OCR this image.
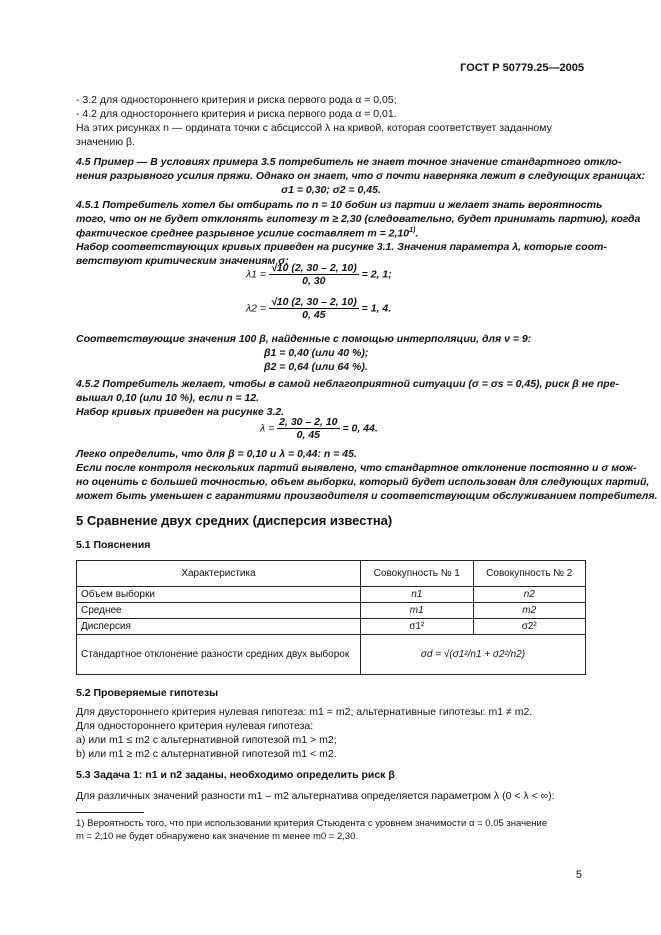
ГОСТ Р 50779.25—2005
- 3.2 для одностороннего критерия и риска первого рода α = 0,05;
- 4.2 для одностороннего критерия и риска первого рода α = 0,01.
На этих рисунках n — ордината точки с абсциссой λ на кривой, которая соответствует заданному
значению β.
4.5 Пример — В условиях примера 3.5 потребитель не знает точное значение стандартного откло-
нения разрывного усилия пряжи. Однако он знает, что σ почти наверняка лежит в следующих границах:
σ1 = 0,30; σ2 = 0,45.
4.5.1 Потребитель хотел бы отбирать по n = 10 бобин из партии и желает знать вероятность
того, что он не будет отклонять гипотезу m ≥ 2,30 (следовательно, будет принимать партию), когда
фактическое среднее разрывное усилие составляет $m = 2,10^{1)}$.
Набор соответствующих кривых приведен на рисунке 3.1. Значения параметра λ, которые соот-
ветствуют критическим значениям σ:
$\lambda 1 = \frac{√10 (2, 30 - 2, 10)}{0, 30} = 2$, 1;
$\lambda 2 = \frac{√10 (2, 30 - 2, 10)}{0, 45} = 1$, 4.
Соответствующие значения 100 β, найденные с помощью интерполяции, для ν = 9:
β1 = 0,40 (или 40 %);
β2 = 0,64 (или 64 %).
4.5.2 Потребитель желает, чтобы в самой неблагоприятной ситуации (σ = σs = 0,45), риск β не пре-
вышал 0,10 (или 10 %), если n = 12.
Набор кривых приведен на рисунке 3.2.
$\lambda = \frac{2, 30 - 2, 10}{0, 45} = 0$, 44.
Легко определить, что для β = 0,10 и λ = 0,44: n = 45.
Если после контроля нескольких партий выявлено, что стандартное отклонение постоянно и σ мож-
но оценить с большей точностью, объем выборки, который будет использован для следующих партий,
может быть уменьшен с гарантиями производителя и соответствующим обслуживанием потребителя.
5 Сравнение двух средних (дисперсия известна)
5.1 Пояснения
Характеристика	Совокупность № 1	Совокупность № 2
Объем выборки	n1	n2
Среднее	m1	m2
Дисперсия	σ1²	σ2²
Стандартное отклонение разности средних двух выборок	σd = √(σ1²/n1 + σ2²/n2)	
5.2 Проверяемые гипотезы
Для двустороннего критерия нулевая гипотеза: m1 = m2; альтернативные гипотезы: m1 ≠ m2.
Для одностороннего критерия нулевая гипотеза:
a) или m1 ≤ m2 с альтернативной гипотезой m1 > m2;
b) или m1 ≥ m2 с альтернативной гипотезой m1 < m2.
5.3 Задача 1: n1 и n2 заданы, необходимо определить риск β
Для различных значений разности m1 – m2 альтернатива определяется параметром λ (0 < λ < ∞):
1) Вероятность того, что при использовании критерия Стьюдента с уровнем значимости α = 0,05 значение
m = 2,10 не будет обнаружено как значение m менее m0 = 2,30.
5
